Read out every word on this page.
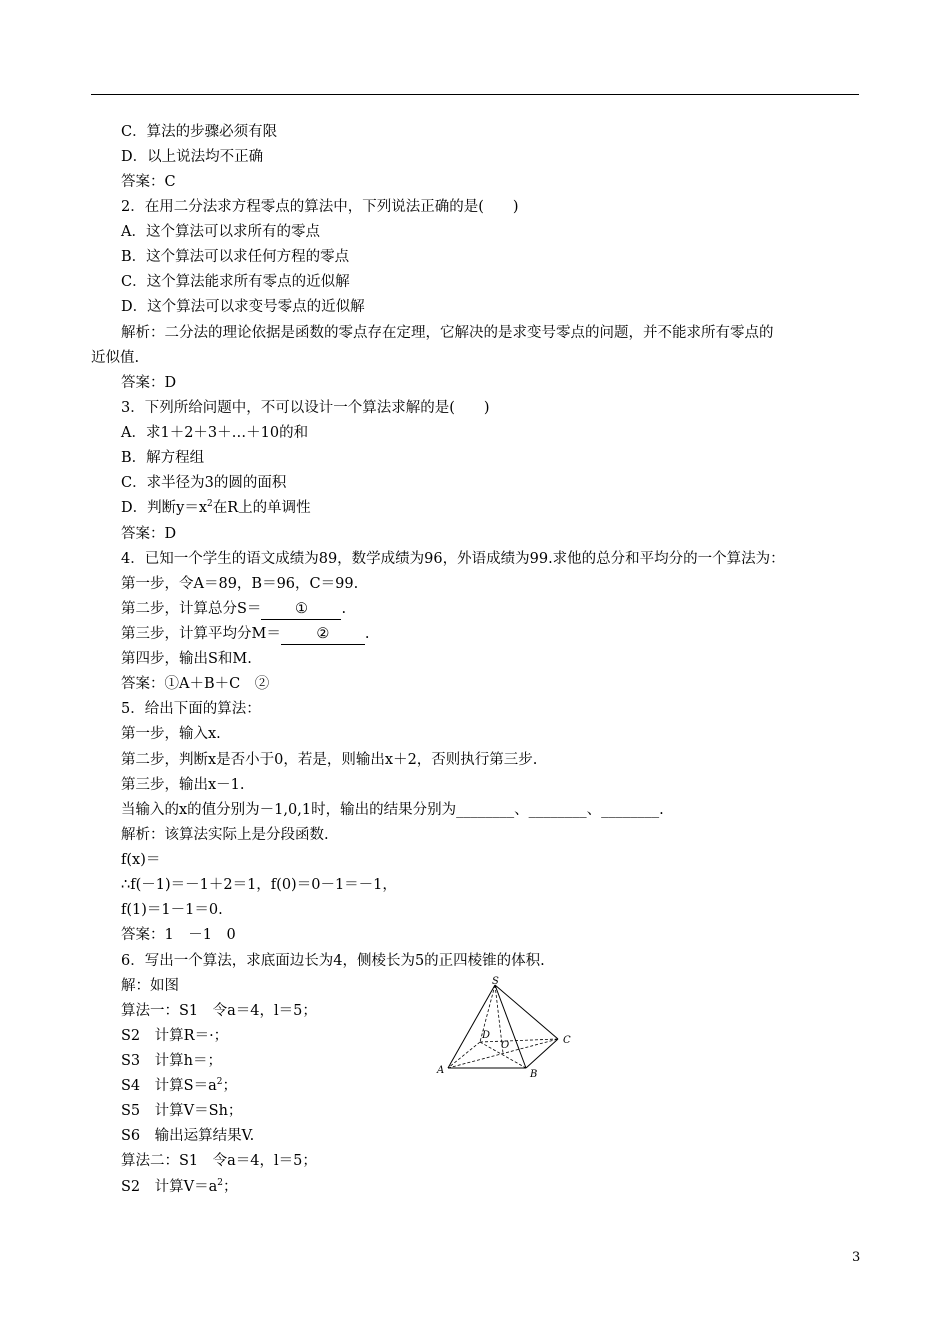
C．算法的步骤必须有限
D．以上说法均不正确
答案：C
2．在用二分法求方程零点的算法中，下列说法正确的是(　　)
A．这个算法可以求所有的零点
B．这个算法可以求任何方程的零点
C．这个算法能求所有零点的近似解
D．这个算法可以求变号零点的近似解
解析：二分法的理论依据是函数的零点存在定理，它解决的是求变号零点的问题，并不能求所有零点的
近似值.
答案：D
3．下列所给问题中，不可以设计一个算法求解的是(　　)
A．求1＋2＋3＋…＋10的和
B．解方程组
C．求半径为3的圆的面积
D．判断$y=x^2$在R上的单调性
答案：D
4．已知一个学生的语文成绩为89，数学成绩为96，外语成绩为99.求他的总分和平均分的一个算法为：
第一步，令A＝89，B＝96，C＝99.
第二步，计算总分S＝ ① .
第三步，计算平均分M＝ ② .
第四步，输出S和M.
答案：①A＋B＋C　②
5．给出下面的算法：
第一步，输入x.
第二步，判断x是否小于0，若是，则输出x＋2，否则执行第三步.
第三步，输出x－1.
当输入的x的值分别为－1,0,1时，输出的结果分别为________、________、________.
解析：该算法实际上是分段函数.
f(x)＝
∴f(－1)＝－1＋2＝1，f(0)＝0－1＝－1，
f(1)＝1－1＝0.
答案：1　－1　0
6．写出一个算法，求底面边长为4，侧棱长为5的正四棱锥的体积.
解：如图
算法一：S1　令a＝4，l＝5；
S2　计算R＝·；
S3　计算h＝；
S4　计算$S=a^2$；
S5　计算V＝Sh；
S6　输出运算结果V.
算法二：S1　令a＝4，l＝5；
S2　计算$V=a^2$；
S
D	C
O
A	B
3
